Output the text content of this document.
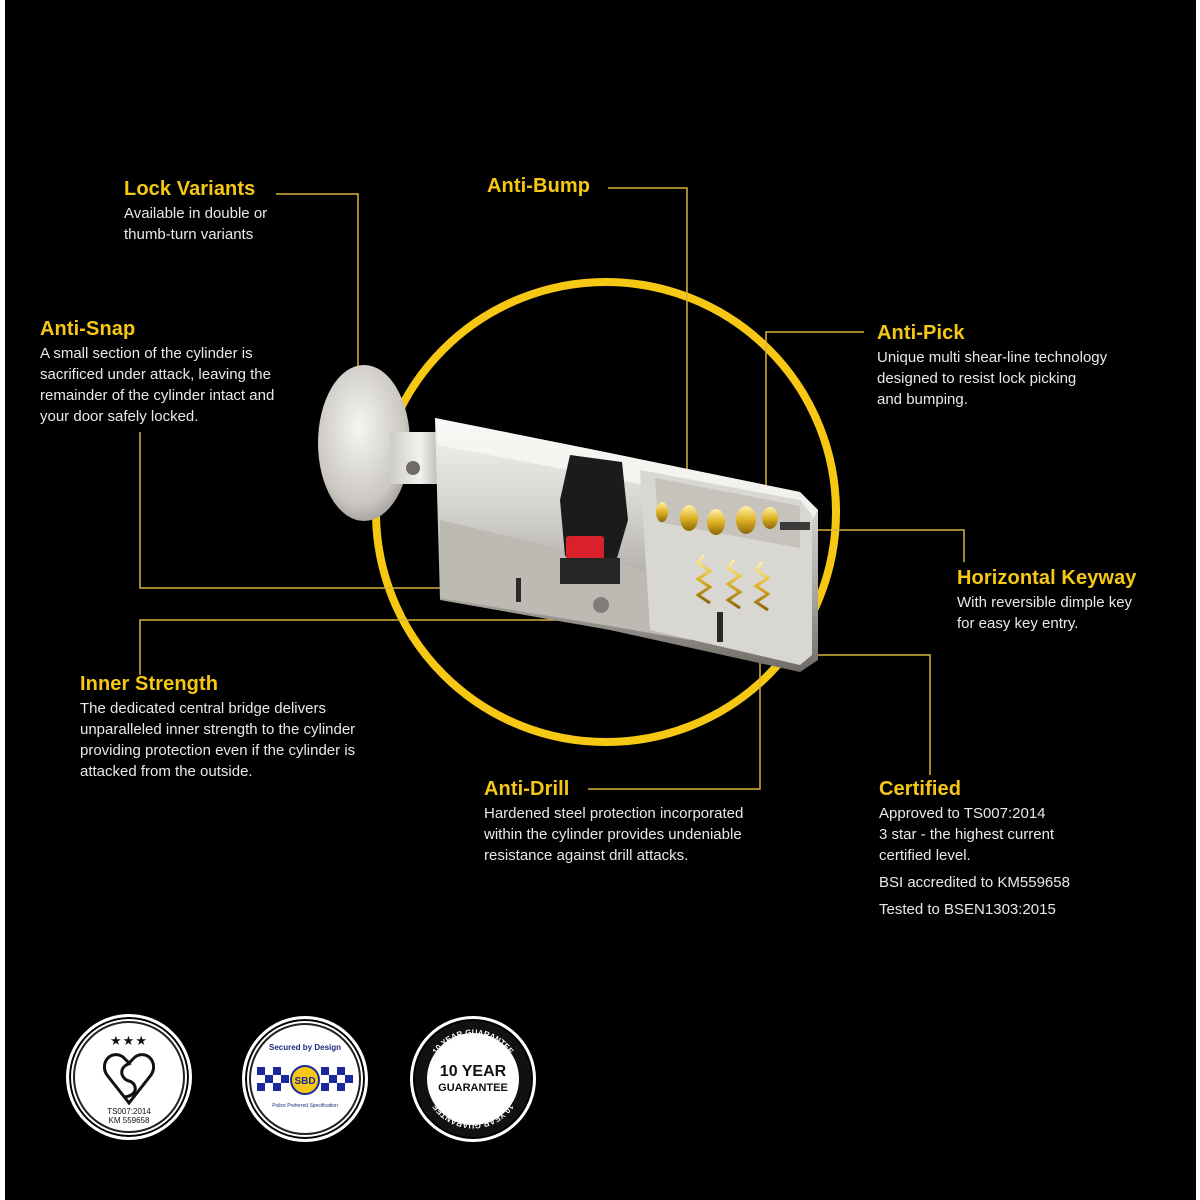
Lock Variants

Available in double or
thumb-turn variants

Anti-Bump
Anti-Snap

A small section of the cylinder is
sacrificed under attack, leaving the
remainder of the cylinder intact and
your door safely locked.

Anti-Pick

Unique multi shear-line technology
designed to resist lock picking
and bumping.

Horizontal Keyway

With reversible dimple key
for easy key entry.

Inner Strength

The dedicated central bridge delivers
unparalleled inner strength to the cylinder
providing protection even if the cylinder is
attacked from the outside.

Anti-Drill

Hardened steel protection incorporated
within the cylinder provides undeniable
resistance against drill attacks.

Certified

Approved to TS007:2014
3 star - the highest current
certified level.

BSI accredited to KM559658

Tested to BSEN1303:2015

★★★
TS007:2014
KM 559658
Secured by Design
SBD
Police Preferred Specification
10 YEAR GUARANTEE
10 YEAR GUARANTEE
10 YEAR
GUARANTEE
